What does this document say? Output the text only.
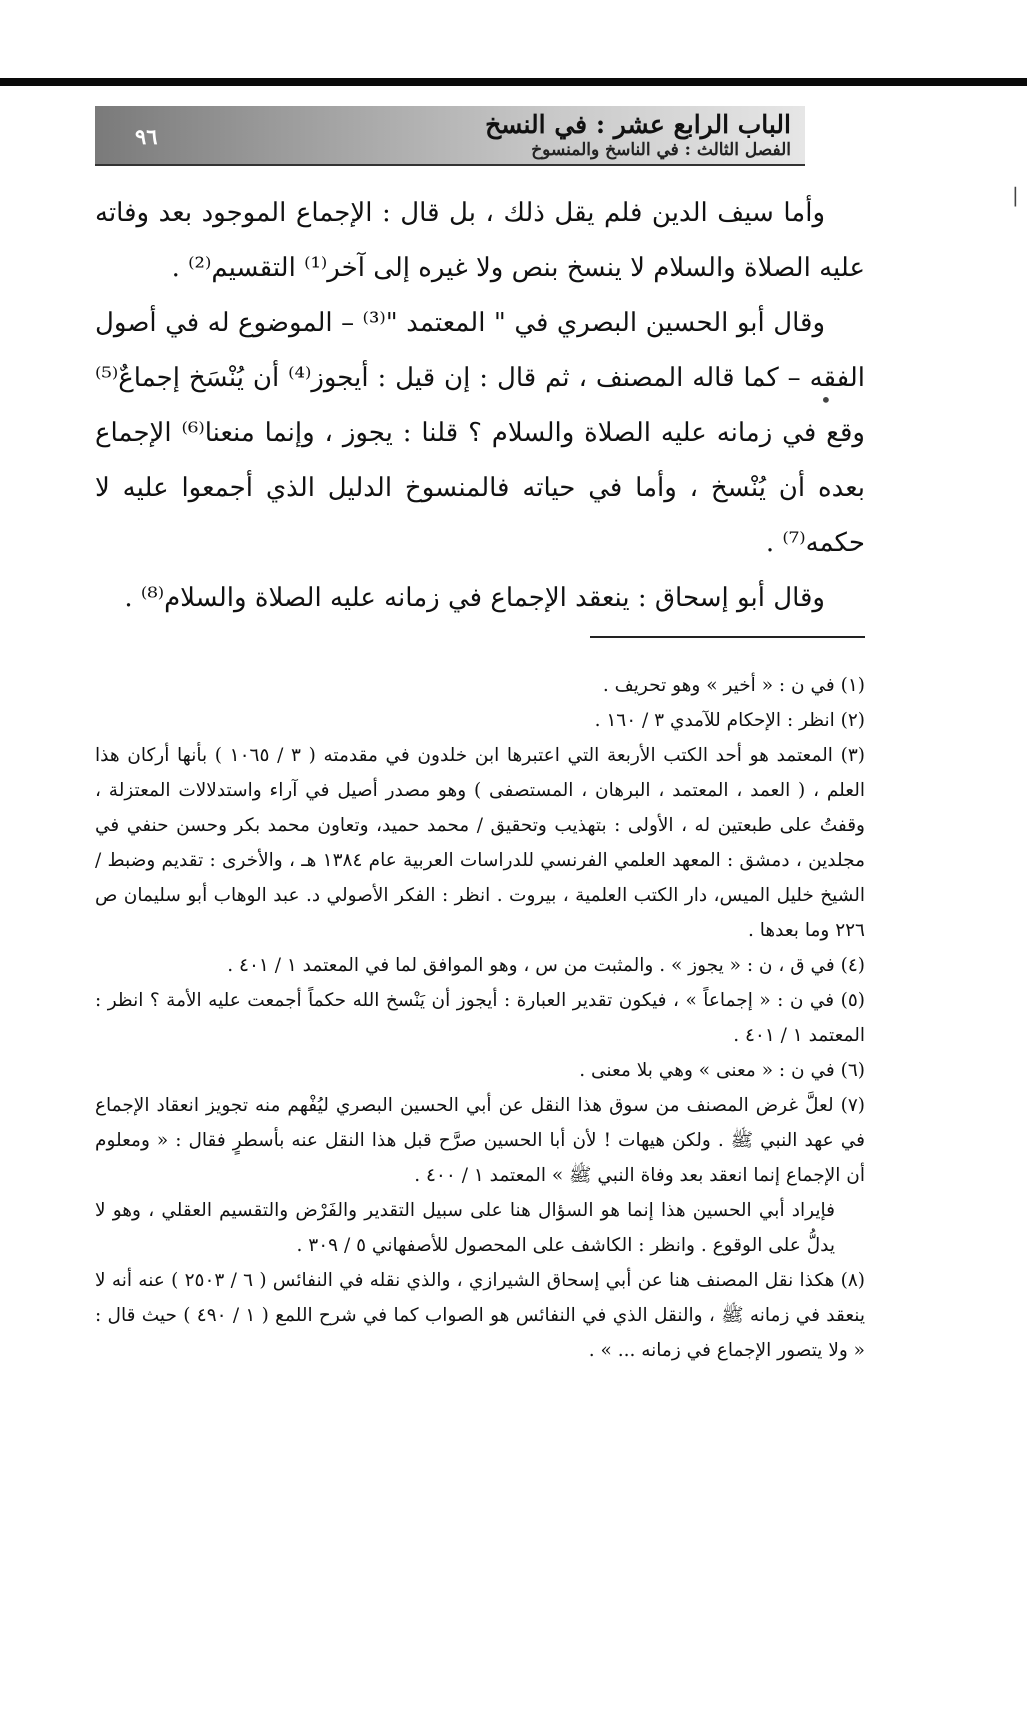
الباب الرابع عشر : في النسخ
الفصل الثالث : في الناسخ والمنسوخ
٩٦

وأما سيف الدين فلم يقل ذلك ، بل قال : الإجماع الموجود بعد وفاته عليه الصلاة والسلام لا ينسخ بنص ولا غيره إلى آخر⁽¹⁾ التقسيم⁽²⁾ .

وقال أبو الحسين البصري في " المعتمد "⁽³⁾ – الموضوع له في أصول الفقه – كما قاله المصنف ، ثم قال : إن قيل : أيجوز⁽⁴⁾ أن يُنْسَخ إجماعٌ⁽⁵⁾ وقع في زمانه عليه الصلاة والسلام ؟ قلنا : يجوز ، وإنما منعنا⁽⁶⁾ الإجماع بعده أن يُنْسخ ، وأما في حياته فالمنسوخ الدليل الذي أجمعوا عليه لا حكمه⁽⁷⁾ .

وقال أبو إسحاق : ينعقد الإجماع في زمانه عليه الصلاة والسلام⁽⁸⁾ .

|
•

(١) في ن : « أخير » وهو تحريف .

(٢) انظر : الإحكام للآمدي ٣ / ١٦٠ .

(٣) المعتمد هو أحد الكتب الأربعة التي اعتبرها ابن خلدون في مقدمته ( ٣ / ١٠٦٥ ) بأنها أركان هذا العلم ، ( العمد ، المعتمد ، البرهان ، المستصفى ) وهو مصدر أصيل في آراء واستدلالات المعتزلة ، وقفتُ على طبعتين له ، الأولى : بتهذيب وتحقيق / محمد حميد، وتعاون محمد بكر وحسن حنفي في مجلدين ، دمشق : المعهد العلمي الفرنسي للدراسات العربية عام ١٣٨٤ هـ ، والأخرى : تقديم وضبط / الشيخ خليل الميس، دار الكتب العلمية ، بيروت . انظر : الفكر الأصولي د. عبد الوهاب أبو سليمان ص ٢٢٦ وما بعدها .

(٤) في ق ، ن : « يجوز » . والمثبت من س ، وهو الموافق لما في المعتمد ١ / ٤٠١ .

(٥) في ن : « إجماعاً » ، فيكون تقدير العبارة : أيجوز أن يَنْسخ الله حكماً أجمعت عليه الأمة ؟ انظر : المعتمد ١ / ٤٠١ .

(٦) في ن : « معنى » وهي بلا معنى .

(٧) لعلَّ غرض المصنف من سوق هذا النقل عن أبي الحسين البصري ليُفْهم منه تجويز انعقاد الإجماع في عهد النبي ﷺ . ولكن هيهات ! لأن أبا الحسين صرَّح قبل هذا النقل عنه بأسطرٍ فقال : « ومعلوم أن الإجماع إنما انعقد بعد وفاة النبي ﷺ » المعتمد ١ / ٤٠٠ .

فإيراد أبي الحسين هذا إنما هو السؤال هنا على سبيل التقدير والفَرْض والتقسيم العقلي ، وهو لا يدلُّ على الوقوع . وانظر : الكاشف على المحصول للأصفهاني ٥ / ٣٠٩ .

(٨) هكذا نقل المصنف هنا عن أبي إسحاق الشيرازي ، والذي نقله في النفائس ( ٦ / ٢٥٠٣ ) عنه أنه لا ينعقد في زمانه ﷺ ، والنقل الذي في النفائس هو الصواب كما في شرح اللمع ( ١ / ٤٩٠ ) حيث قال : « ولا يتصور الإجماع في زمانه ... » .
